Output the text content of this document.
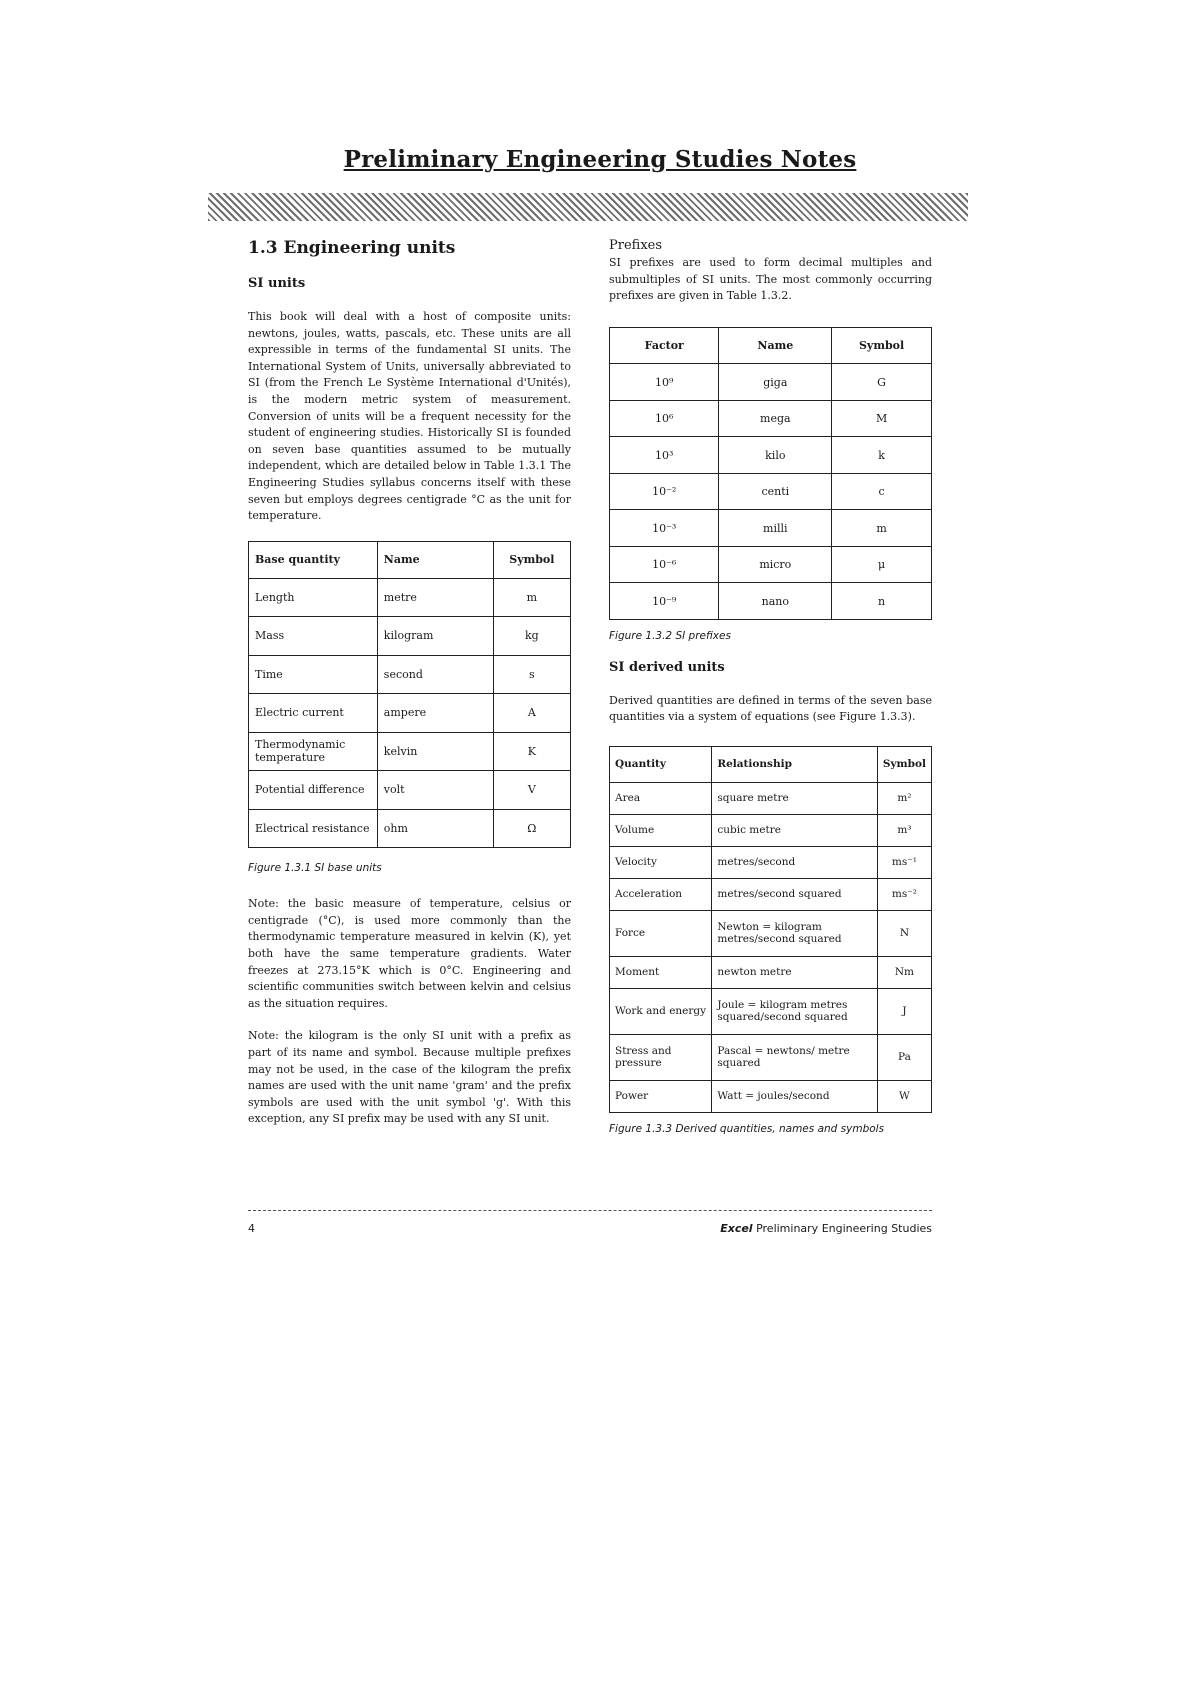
Preliminary Engineering Studies Notes
1.3 Engineering units
SI units

This book will deal with a host of composite units: newtons, joules, watts, pascals, etc. These units are all expressible in terms of the fundamental SI units. The International System of Units, universally abbreviated to SI (from the French Le Système International d'Unités), is the modern metric system of measurement. Conversion of units will be a frequent necessity for the student of engineering studies. Historically SI is founded on seven base quantities assumed to be mutually independent, which are detailed below in Table 1.3.1 The Engineering Studies syllabus concerns itself with these seven but employs degrees centigrade °C as the unit for temperature.

Base quantity	Name	Symbol
Length	metre	m
Mass	kilogram	kg
Time	second	s
Electric current	ampere	A
Thermodynamic temperature	kelvin	K
Potential difference	volt	V
Electrical resistance	ohm	Ω
Figure 1.3.1 SI base units

Note: the basic measure of temperature, celsius or centigrade (°C), is used more commonly than the thermodynamic temperature measured in kelvin (K), yet both have the same temperature gradients. Water freezes at 273.15°K which is 0°C. Engineering and scientific communities switch between kelvin and celsius as the situation requires.

Note: the kilogram is the only SI unit with a prefix as part of its name and symbol. Because multiple prefixes may not be used, in the case of the kilogram the prefix names are used with the unit name 'gram' and the prefix symbols are used with the unit symbol 'g'. With this exception, any SI prefix may be used with any SI unit.

Prefixes

SI prefixes are used to form decimal multiples and submultiples of SI units. The most commonly occurring prefixes are given in Table 1.3.2.

Factor	Name	Symbol
10⁹	giga	G
10⁶	mega	M
10³	kilo	k
10⁻²	centi	c
10⁻³	milli	m
10⁻⁶	micro	μ
10⁻⁹	nano	n
Figure 1.3.2 SI prefixes
SI derived units

Derived quantities are defined in terms of the seven base quantities via a system of equations (see Figure 1.3.3).

Quantity	Relationship	Symbol
Area	square metre	m²
Volume	cubic metre	m³
Velocity	metres/second	ms⁻¹
Acceleration	metres/second squared	ms⁻²
Force	Newton = kilogram metres/second squared	N
Moment	newton metre	Nm
Work and energy	Joule = kilogram metres squared/second squared	J
Stress and pressure	Pascal = newtons/ metre squared	Pa
Power	Watt = joules/second	W
Figure 1.3.3 Derived quantities, names and symbols
4	Excel Preliminary Engineering Studies
